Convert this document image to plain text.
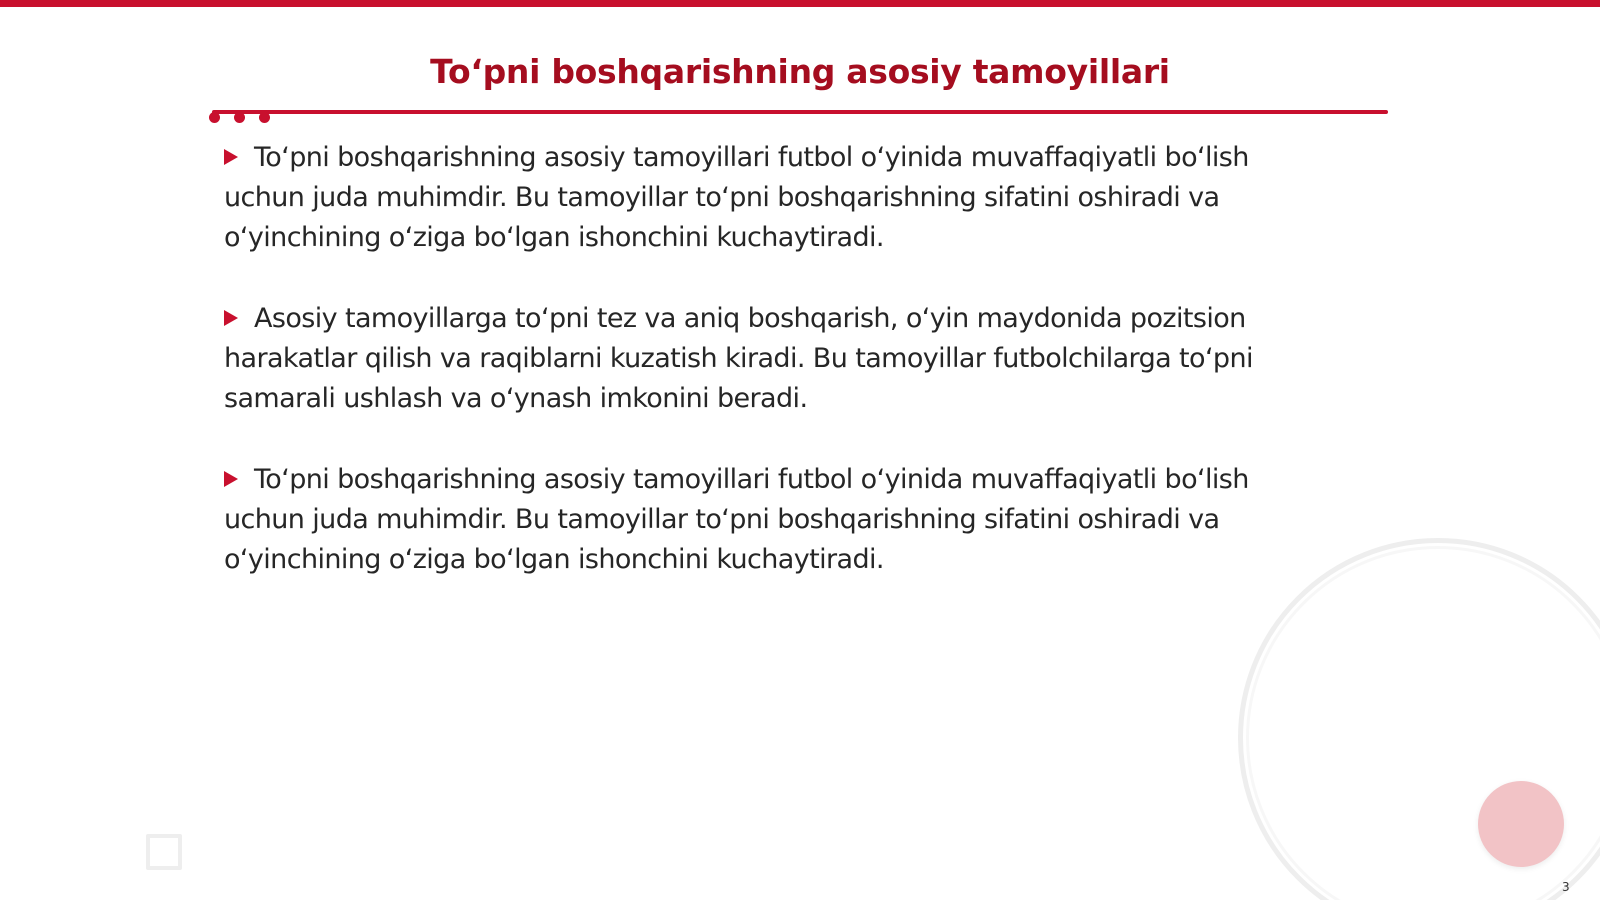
To‘pni boshqarishning asosiy tamoyillari

To‘pni boshqarishning asosiy tamoyillari futbol o‘yinida muvaffaqiyatli bo‘lish uchun juda muhimdir. Bu tamoyillar to‘pni boshqarishning sifatini oshiradi va o‘yinchining o‘ziga bo‘lgan ishonchini kuchaytiradi.

Asosiy tamoyillarga to‘pni tez va aniq boshqarish, o‘yin maydonida pozitsion harakatlar qilish va raqiblarni kuzatish kiradi. Bu tamoyillar futbolchilarga to‘pni samarali ushlash va o‘ynash imkonini beradi.

To‘pni boshqarishning asosiy tamoyillari futbol o‘yinida muvaffaqiyatli bo‘lish uchun juda muhimdir. Bu tamoyillar to‘pni boshqarishning sifatini oshiradi va o‘yinchining o‘ziga bo‘lgan ishonchini kuchaytiradi.

3
